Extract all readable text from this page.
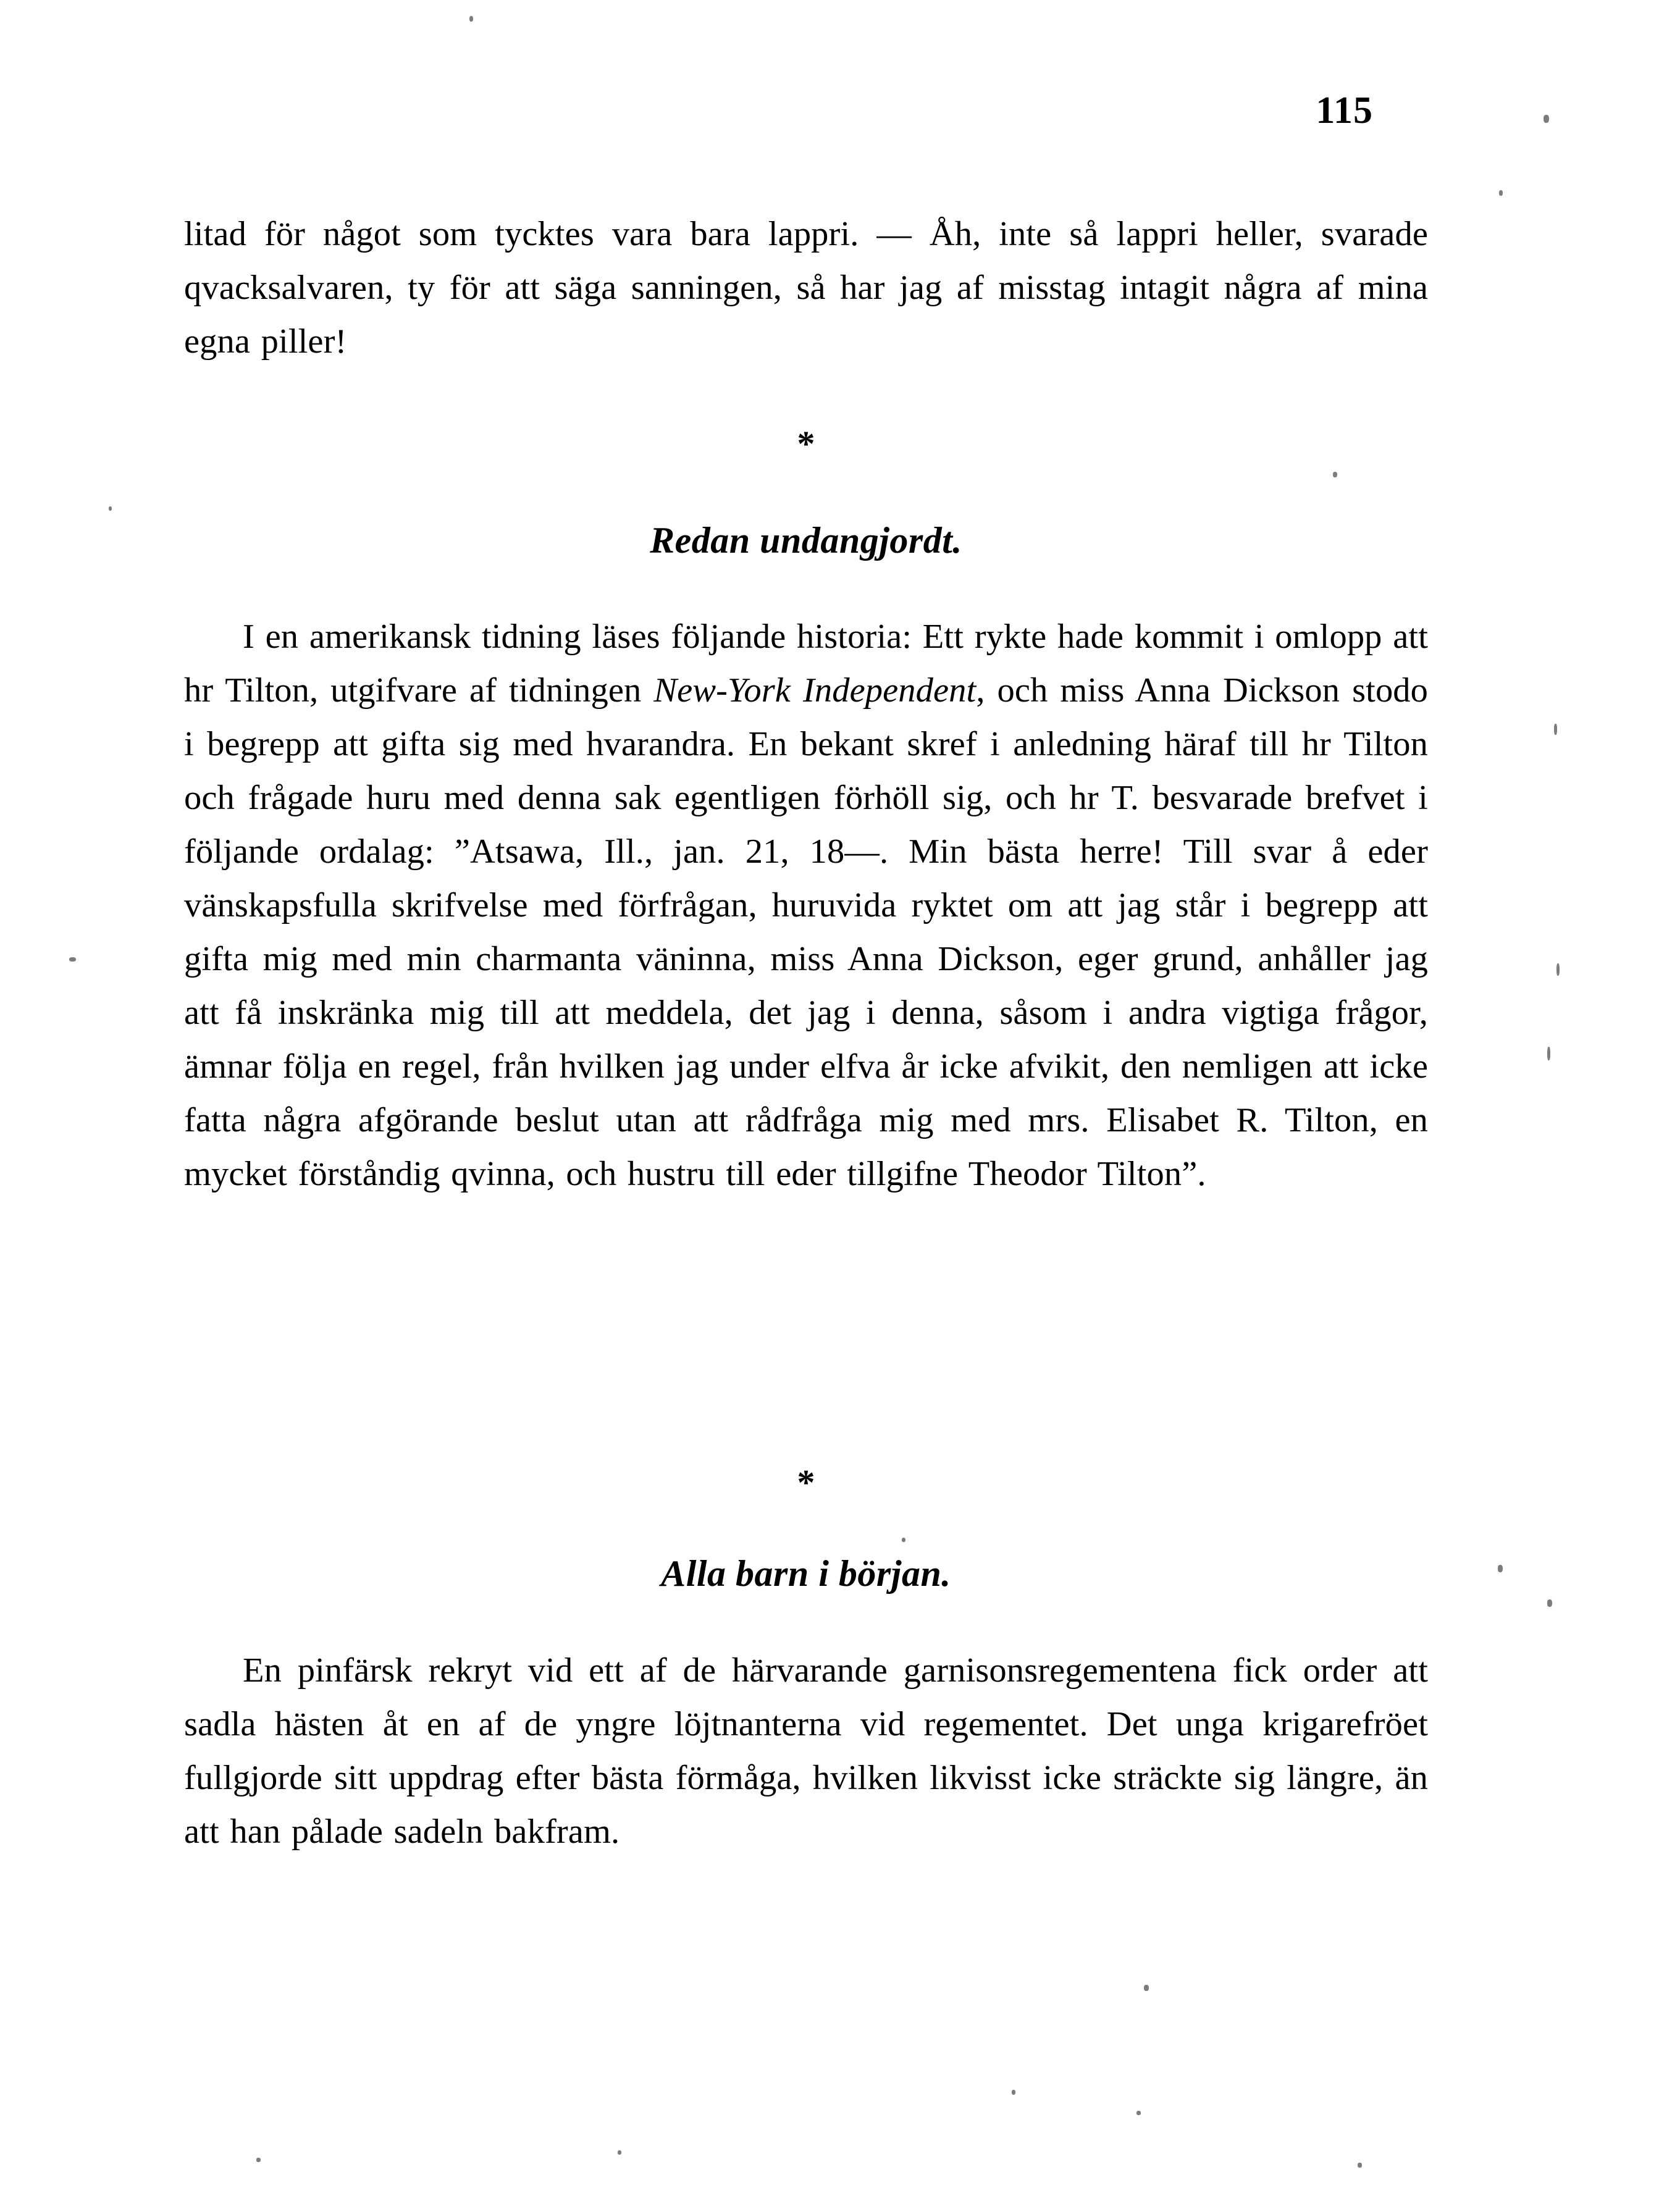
115

litad för något som tycktes vara bara lappri. — Åh, inte så lappri heller, svarade qvacksalvaren, ty för att säga sanningen, så har jag af misstag intagit några af mina egna piller!

*
Redan undangjordt.

I en amerikansk tidning läses följande historia: Ett rykte hade kommit i omlopp att hr Tilton, utgifvare af tidningen New-York Independent, och miss Anna Dickson stodo i begrepp att gifta sig med hvarandra. En bekant skref i anledning häraf till hr Tilton och frågade huru med denna sak egentligen förhöll sig, och hr T. besvarade brefvet i följande ordalag: ”Atsawa, Ill., jan. 21, 18—. Min bästa herre! Till svar å eder vänskapsfulla skrifvelse med förfrågan, huruvida ryktet om att jag står i begrepp att gifta mig med min charmanta väninna, miss Anna Dickson, eger grund, anhåller jag att få inskränka mig till att meddela, det jag i denna, såsom i andra vigtiga frågor, ämnar följa en regel, från hvilken jag under elfva år icke afvikit, den nemligen att icke fatta några afgörande beslut utan att rådfråga mig med mrs. Elisabet R. Tilton, en mycket förståndig qvinna, och hustru till eder tillgifne Theodor Tilton”.

*
Alla barn i början.

En pinfärsk rekryt vid ett af de härvarande garnisonsregementena fick order att sadla hästen åt en af de yngre löjtnanterna vid regementet. Det unga krigarefröet fullgjorde sitt uppdrag efter bästa förmåga, hvilken likvisst icke sträckte sig längre, än att han pålade sadeln bakfram.
